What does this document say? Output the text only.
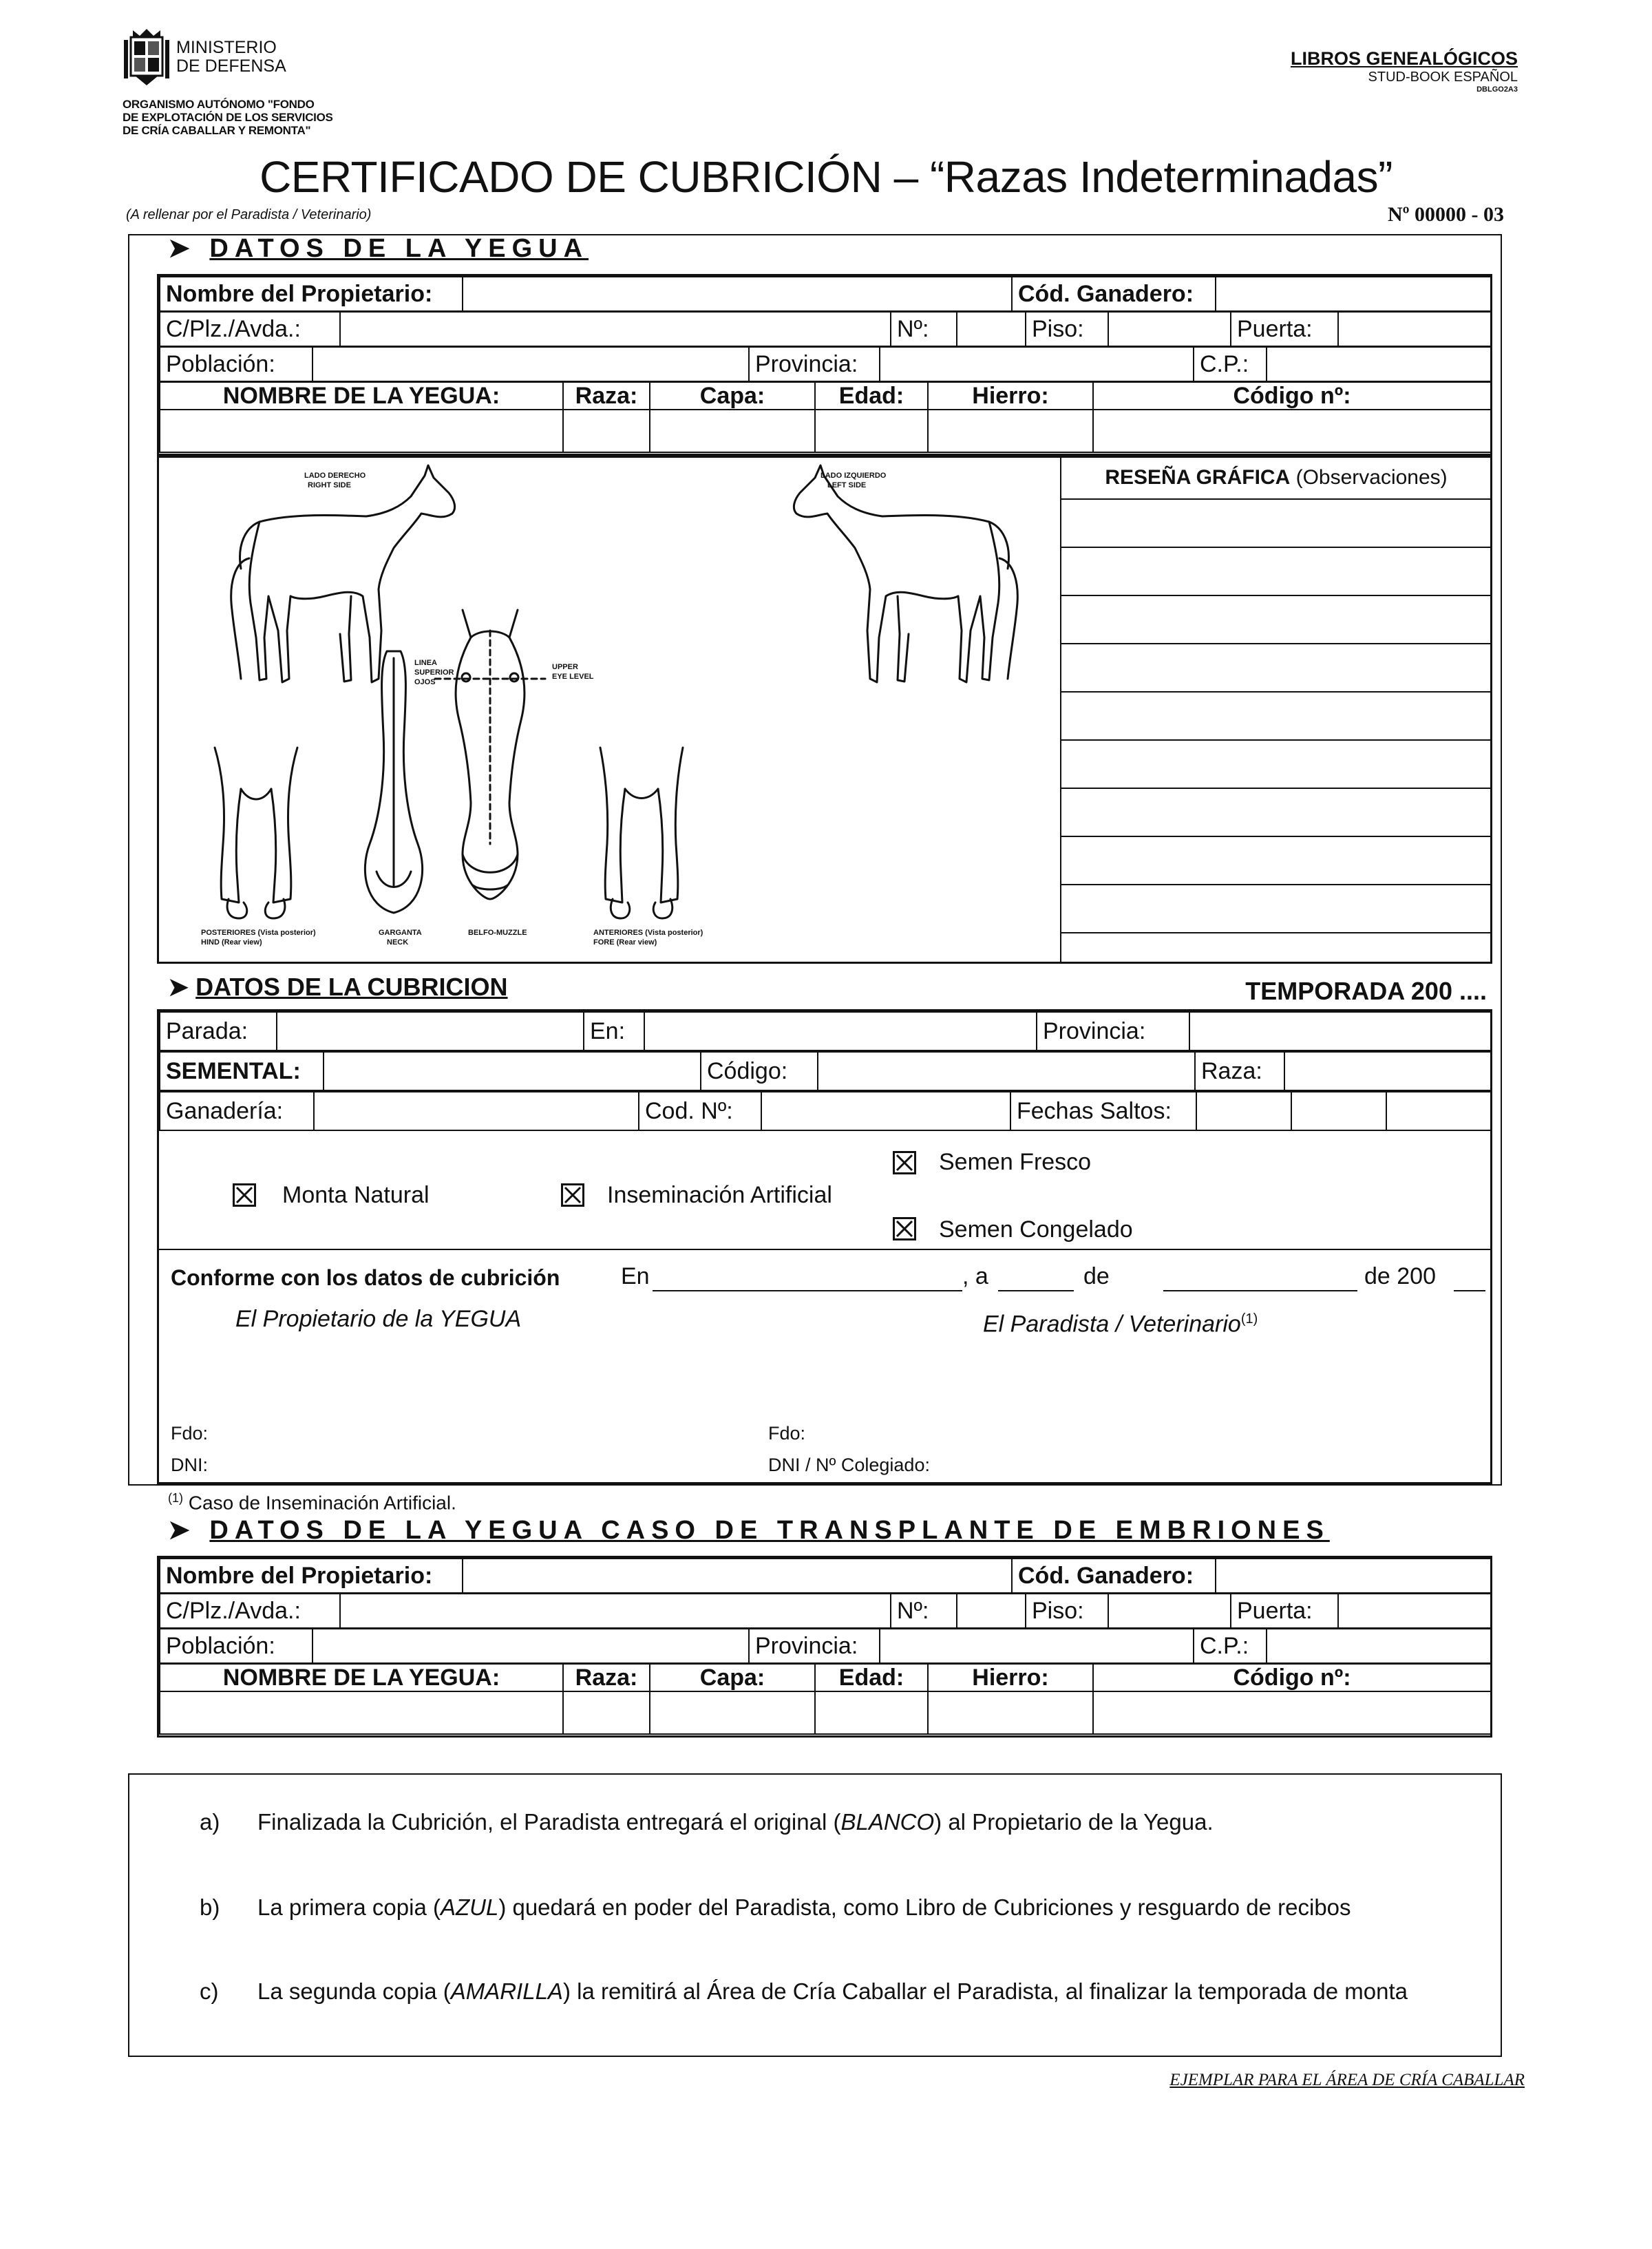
MINISTERIO
DE DEFENSA
ORGANISMO AUTÓNOMO "FONDO
DE EXPLOTACIÓN DE LOS SERVICIOS
DE CRÍA CABALLAR Y REMONTA"
LIBROS GENEALÓGICOS
STUD-BOOK ESPAÑOL
DBLGO2A3
CERTIFICADO DE CUBRICIÓN – “Razas Indeterminadas”
(A rellenar por el Paradista / Veterinario)	Nº 00000 - 03
➤ DATOS DE LA YEGUA
Nombre del Propietario:		Cód. Ganadero:	
C/Plz./Avda.:		Nº:		Piso:		Puerta:	
Población:		Provincia:		C.P.:	
NOMBRE DE LA YEGUA:	Raza:	Capa:	Edad:	Hierro:	Código nº:

RESEÑA GRÁFICA (Observaciones)
LADO DERECHO RIGHT SIDE
LADO IZQUIERDO LEFT SIDE
LINEA SUPERIOR OJOS
UPPER EYE LEVEL
POSTERIORES (Vista posterior) HIND (Rear view)
GARGANTA NECK
BELFO-MUZZLE	ANTERIORES (Vista posterior) FORE (Rear view)
➤ DATOS DE LA CUBRICION	TEMPORADA 200 ....
Parada:		En:		Provincia:	
SEMENTAL:		Código:		Raza:	
Ganadería:		Cod. Nº:		Fechas Saltos:			
Semen Fresco
Monta Natural	Inseminación Artificial
Semen Congelado
Conforme con los datos de cubrición	En	, a	de	de 200
El Propietario de la YEGUA	El Paradista / Veterinario$^{(1)}$
Fdo:
DNI:
Fdo:
DNI / Nº Colegiado:
$^{(1)}$ Caso de Inseminación Artificial.
➤ DATOS DE LA YEGUA CASO DE TRANSPLANTE DE EMBRIONES
Nombre del Propietario:		Cód. Ganadero:	
C/Plz./Avda.:		Nº:		Piso:		Puerta:	
Población:		Provincia:		C.P.:	
NOMBRE DE LA YEGUA:	Raza:	Capa:	Edad:	Hierro:	Código nº:

a) Finalizada la Cubrición, el Paradista entregará el original (BLANCO) al Propietario de la Yegua.
b) La primera copia (AZUL) quedará en poder del Paradista, como Libro de Cubriciones y resguardo de recibos
c) La segunda copia (AMARILLA) la remitirá al Área de Cría Caballar el Paradista, al finalizar la temporada de monta
EJEMPLAR PARA EL ÁREA DE CRÍA CABALLAR
